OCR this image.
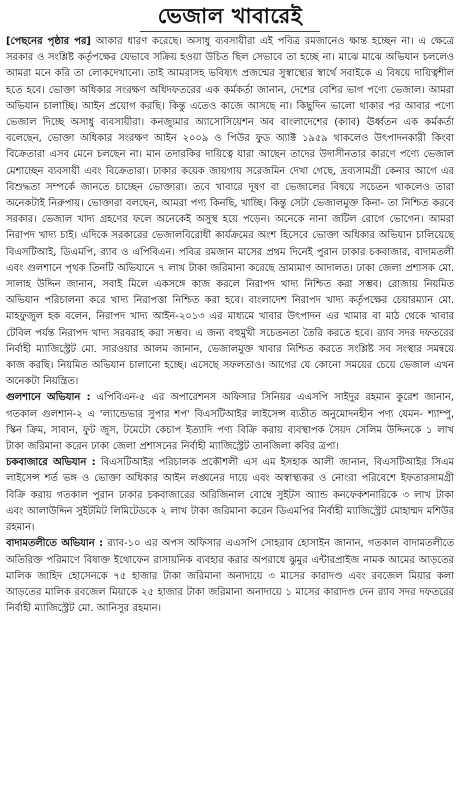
ভেজাল খাবারেই

[পেছনের পৃষ্ঠার পর] আকার ধারণ করেছে। অসাধু ব্যবসায়ীরা এই পবিত্র রমজানেও ক্ষান্ত হচ্ছেন না। এ ক্ষেত্রে সরকার ও সংশ্লিষ্ট কর্তৃপক্ষের যেভাবে সক্রিয় হওয়া উচিত ছিল সেভাবে তা হচ্ছে না। মাঝে মাঝে অভিযান চললেও আমরা মনে করি তা লোকদেখানো। তাই আমরাসহ ভবিষ্যৎ প্রজন্মের সুস্বাস্থ্যের স্বার্থে সবাইকে এ বিষয়ে দায়িত্বশীল হতে হবে। ভোক্তা অধিকার সংরক্ষণ অধিদফতরের এক কর্মকর্তা জানান, দেশের বেশির ভাগ পণ্যে ভেজাল। আমরা অভিযান চালাচ্ছি। আইন প্রয়োগ করছি। কিন্তু এতেও কাজে আসছে না। কিছুদিন ভালো থাকার পর আবার পণ্যে ভেজাল দিচ্ছে অসাধু ব্যবসায়ীরা। কনজ্যুমার অ্যাসোসিয়েশন অব বাংলাদেশের (ক্যাব) ঊর্ধ্বতন এক কর্মকর্তা বলেছেন, ভোক্তা অধিকার সংরক্ষণ আইন ২০০৯ ও পিউর ফুড অ্যাক্ট ১৯৫৯ থাকলেও উৎপাদনকারী কিংবা বিক্রেতারা এসব মেনে চলছেন না। মান তদারকির দায়িত্বে যারা আছেন তাদের উদাসীনতার কারণে পণ্যে ভেজাল মেশাচ্ছেন ব্যবসায়ী এবং বিক্রেতারা। ঢাকার কয়েক জায়গায় সরেজমিন দেখা গেছে, দ্রব্যসামগ্রী কেনার আগে এর বিশুদ্ধতা সম্পর্কে জানতে চাচ্ছেন ভোক্তারা। তবে খাবারে দূষণ বা ভেজালের বিষয়ে সচেতন থাকলেও তারা অনেকটাই নিরুপায়। ভোক্তারা বলছেন, আমরা পণ্য কিনছি, খাচ্ছি। কিন্তু সেটা ভেজালমুক্ত কিনা- তা নিশ্চিত করবে সরকার। ভেজাল খাদ্য গ্রহণের ফলে অনেকেই অসুস্থ হয়ে পড়েন। অনেকে নানা জটিল রোগে ভোগেন। আমরা নিরাপদ খাদ্য চাই। এদিকে সরকারের ভেজালবিরোধী কার্যক্রমের অংশ হিসেবে ভোক্তা অধিকার অভিযান চালিয়েছে বিএসটিআই, ডিএমপি, র‌্যাব ও এপিবিএন। পবিত্র রমজান মাসের প্রথম দিনেই পুরান ঢাকার চকবাজার, বাদামতলী এবং গুলশানে পৃথক তিনটি অভিযানে ৭ লাখ টাকা জরিমানা করেছে ভ্রাম্যমাণ আদালত। ঢাকা জেলা প্রশাসক মো. সালাহ উদ্দিন জানান, সবাই মিলে একসঙ্গে কাজ করলে নিরাপদ খাদ্য নিশ্চিত করা সম্ভব। রোজায় নিয়মিত অভিযান পরিচালনা করে খাদ্য নিরাপত্তা নিশ্চিত করা হবে। বাংলাদেশ নিরাপদ খাদ্য কর্তৃপক্ষের চেয়ারম্যান মো. মাহফুজুল হক বলেন, নিরাপদ খাদ্য আইন-২০১৩ এর মাধ্যমে খাবার উৎপাদন এর খামার বা মাঠ থেকে খাবার টেবিল পর্যন্ত নিরাপদ খাদ্য সরবরাহ করা সম্ভব। এ জন্য বহুমুখী সচেতনতা তৈরি করতে হবে। র‌্যাব সদর দফতরের নির্বাহী ম্যাজিস্ট্রেট মো. সারওয়ার আলম জানান, ভেজালমুক্ত খাবার নিশ্চিত করতে সংশ্লিষ্ট সব সংস্থার সমন্বয়ে কাজ করছি। নিয়মিত অভিযান চালানো হচ্ছে। এসেছে সফলতাও। আগের যে কোনো সময়ের চেয়ে ভেজাল এখন অনেকটা নিয়ন্ত্রিত।

গুলশানে অভিযান : এপিবিএন-৫ এর অপারেশনস অফিসার সিনিয়র এএসপি সাইদুর রহমান কুরেশ জানান, গতকাল গুলশান-২ এ 'ল্যান্ডেভার সুপার শপ' বিএসটিআইর লাইসেন্স ব্যতীত অনুমোদনহীন পণ্য যেমন- শ্যাম্পু, স্কিন ক্রিম, সাবান, ফুট জুস, টমেটো কেচাপ ইত্যাদি পণ্য বিক্রি করায় ব্যবস্থাপক সৈয়দ সেলিম উদ্দিনকে ১ লাখ টাকা জরিমানা করেন ঢাকা জেলা প্রশাসনের নির্বাহী ম্যাজিস্ট্রেট তানজিলা কবির ত্রপা।

চকবাজারে অভিযান : বিএসটিআইর পরিচালক প্রকৌশলী এস এম ইসহাক আলী জানান, বিএসটিআইর সিএম লাইসেন্স শর্ত ভঙ্গ ও ভোক্তা অধিকার আইন লঙ্ঘনের দায়ে এবং অস্বাস্থ্যকর ও নোংরা পরিবেশে ইফতারসামগ্রী বিক্রি করায় গতকাল পুরান ঢাকার চকবাজারের অরিজিনাল বোম্বে সুইটস অ্যান্ড কনফেকশনারিকে ৩ লাখ টাকা এবং আলাউদ্দিন সুইটমিট লিমিটেডকে ২ লাখ টাকা জরিমানা করেন ডিএমপির নির্বাহী ম্যাজিস্ট্রেট মোহাম্মদ মশিউর রহমান।

বাদামতলীতে অভিযান : র‌্যাব-১০ এর অপস অফিসার এএসপি সোহরাব হোসাইন জানান, গতকাল বাদামতলীতে অতিরিক্ত পরিমাণে বিষাক্ত ইথোফেন রাসায়নিক ব্যবহার করার অপরাধে ঝুমুর এন্টারপ্রাইজ নামক আমের আড়তের মালিক জাহিদ হোসেনকে ৭৫ হাজার টাকা জরিমানা অনাদায়ে ৩ মাসের কারাদণ্ড এবং রবজেল মিয়ার কলা আড়তের মালিক রবজেল মিয়াকে ২৫ হাজার টাকা জরিমানা অনাদায়ে ১ মাসের কারাদণ্ড দেন র‌্যাব সদর দফতরের নির্বাহী ম্যাজিস্ট্রেট মো. আনিসুর রহমান।
